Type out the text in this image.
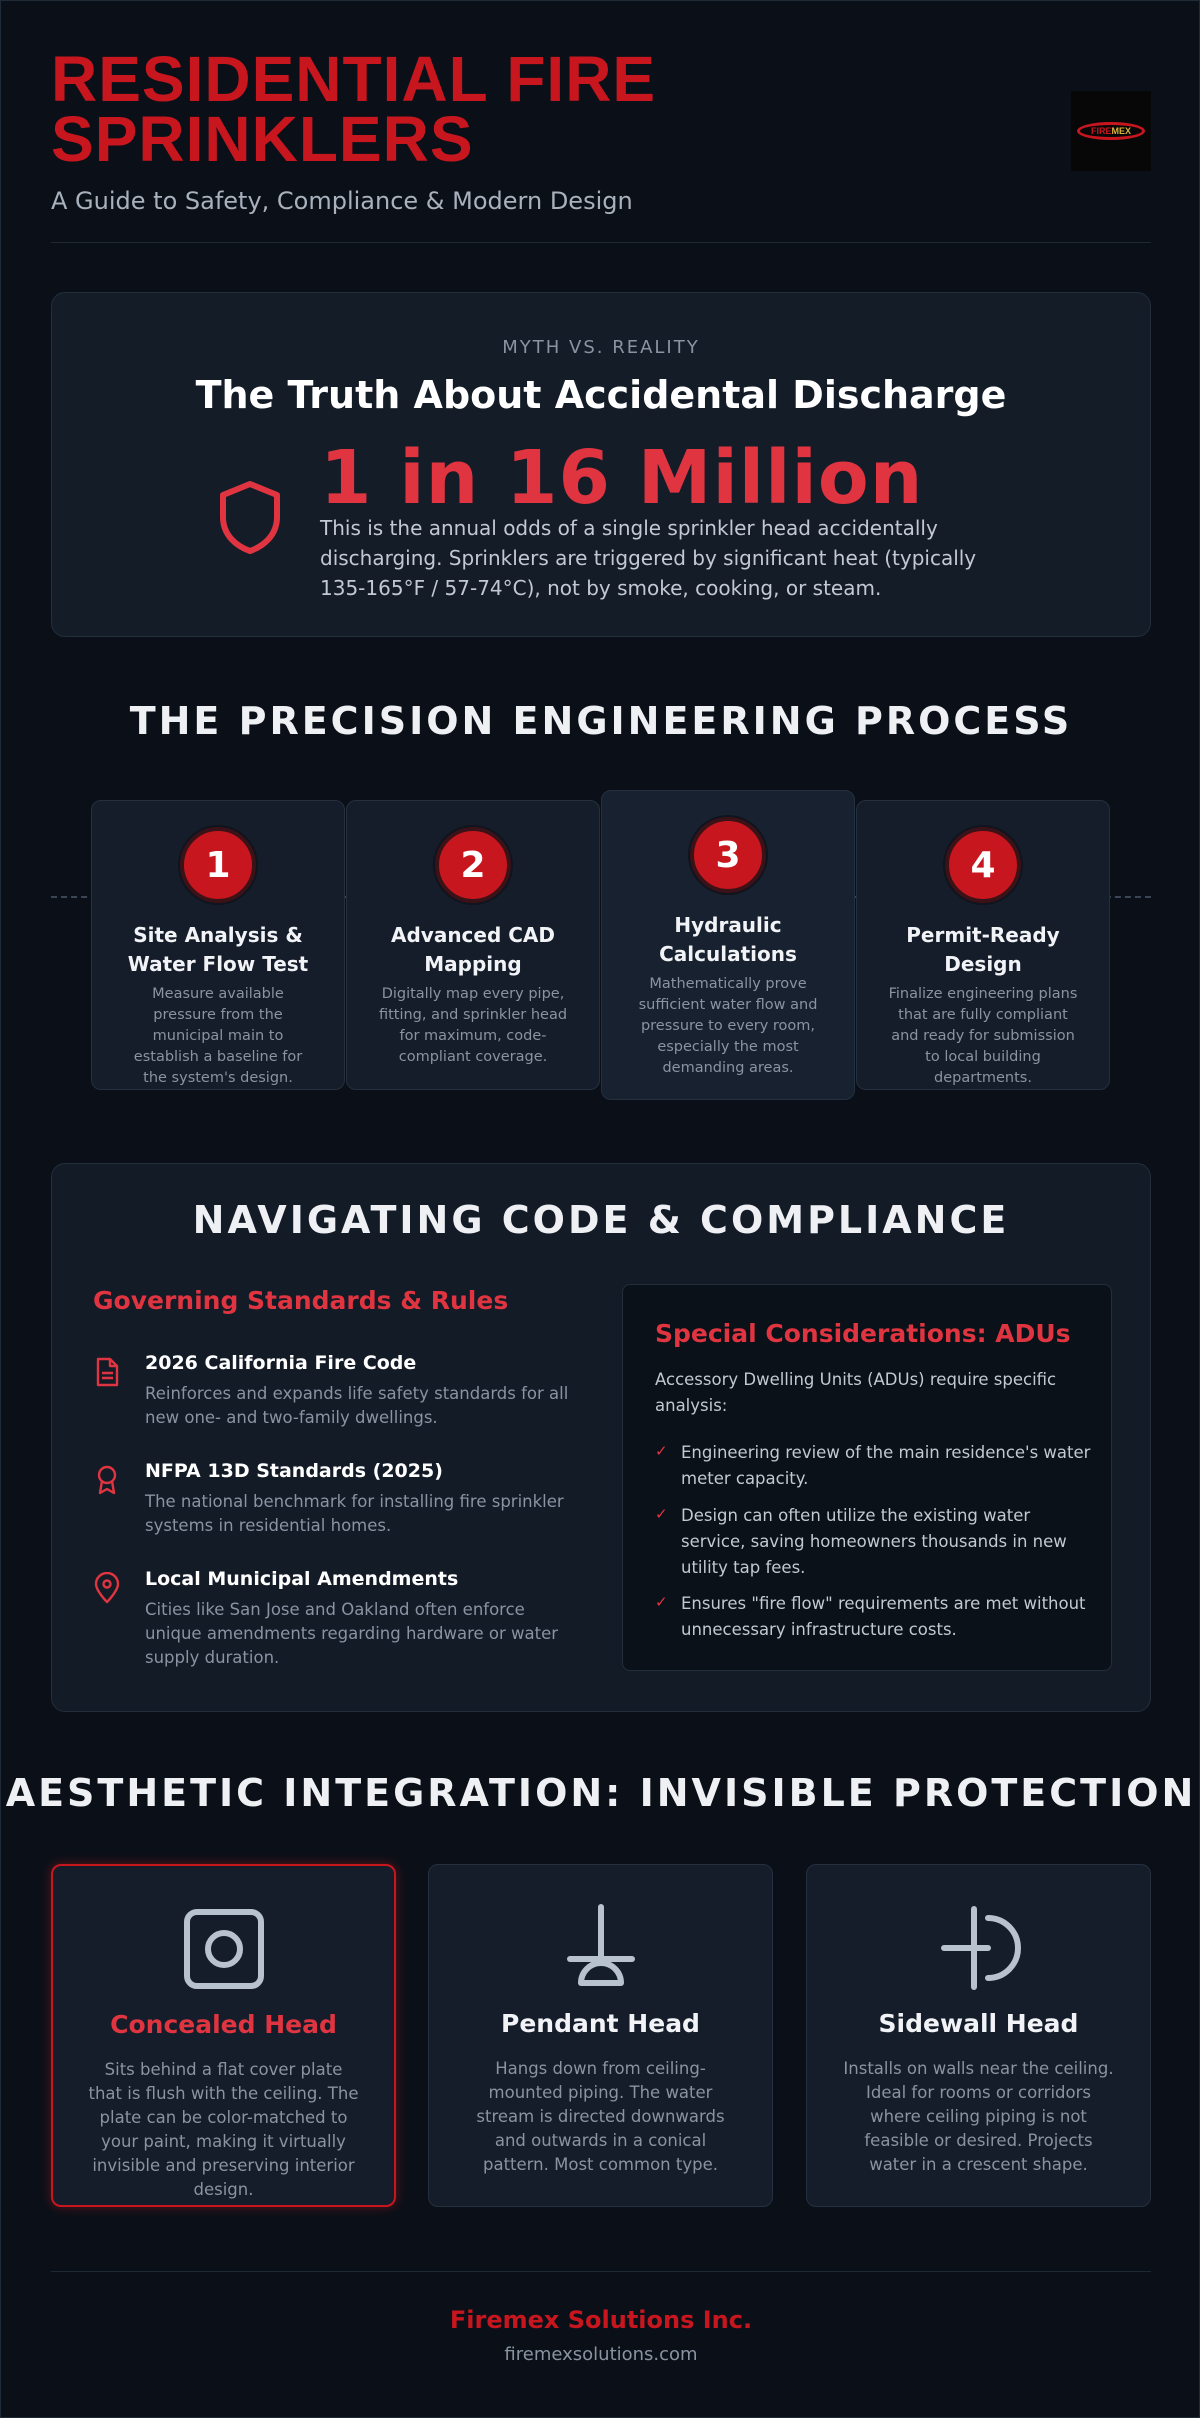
RESIDENTIAL FIRE SPRINKLERS
A Guide to Safety, Compliance & Modern Design
FIREMEX
MYTH VS. REALITY
The Truth About Accidental Discharge
1 in 16 Million
This is the annual odds of a single sprinkler head accidentally discharging. Sprinklers are triggered by significant heat (typically 135-165°F / 57-74°C), not by smoke, cooking, or steam.
THE PRECISION ENGINEERING PROCESS
1
Site Analysis & Water Flow Test
Measure available pressure from the municipal main to establish a baseline for the system's design.
2
Advanced CAD Mapping
Digitally map every pipe, fitting, and sprinkler head for maximum, code-compliant coverage.
3
Hydraulic Calculations
Mathematically prove sufficient water flow and pressure to every room, especially the most demanding areas.
4
Permit-Ready Design
Finalize engineering plans that are fully compliant and ready for submission to local building departments.
NAVIGATING CODE & COMPLIANCE
Governing Standards & Rules
2026 California Fire Code
Reinforces and expands life safety standards for all new one- and two-family dwellings.
NFPA 13D Standards (2025)
The national benchmark for installing fire sprinkler systems in residential homes.
Local Municipal Amendments
Cities like San Jose and Oakland often enforce unique amendments regarding hardware or water supply duration.
Special Considerations: ADUs
Accessory Dwelling Units (ADUs) require specific analysis:
✓ Engineering review of the main residence's water meter capacity.
✓ Design can often utilize the existing water service, saving homeowners thousands in new utility tap fees.
✓ Ensures "fire flow" requirements are met without unnecessary infrastructure costs.
AESTHETIC INTEGRATION: INVISIBLE PROTECTION
Concealed Head
Sits behind a flat cover plate that is flush with the ceiling. The plate can be color-matched to your paint, making it virtually invisible and preserving interior design.
Pendant Head
Hangs down from ceiling-mounted piping. The water stream is directed downwards and outwards in a conical pattern. Most common type.
Sidewall Head
Installs on walls near the ceiling. Ideal for rooms or corridors where ceiling piping is not feasible or desired. Projects water in a crescent shape.
Firemex Solutions Inc.
firemexsolutions.com
